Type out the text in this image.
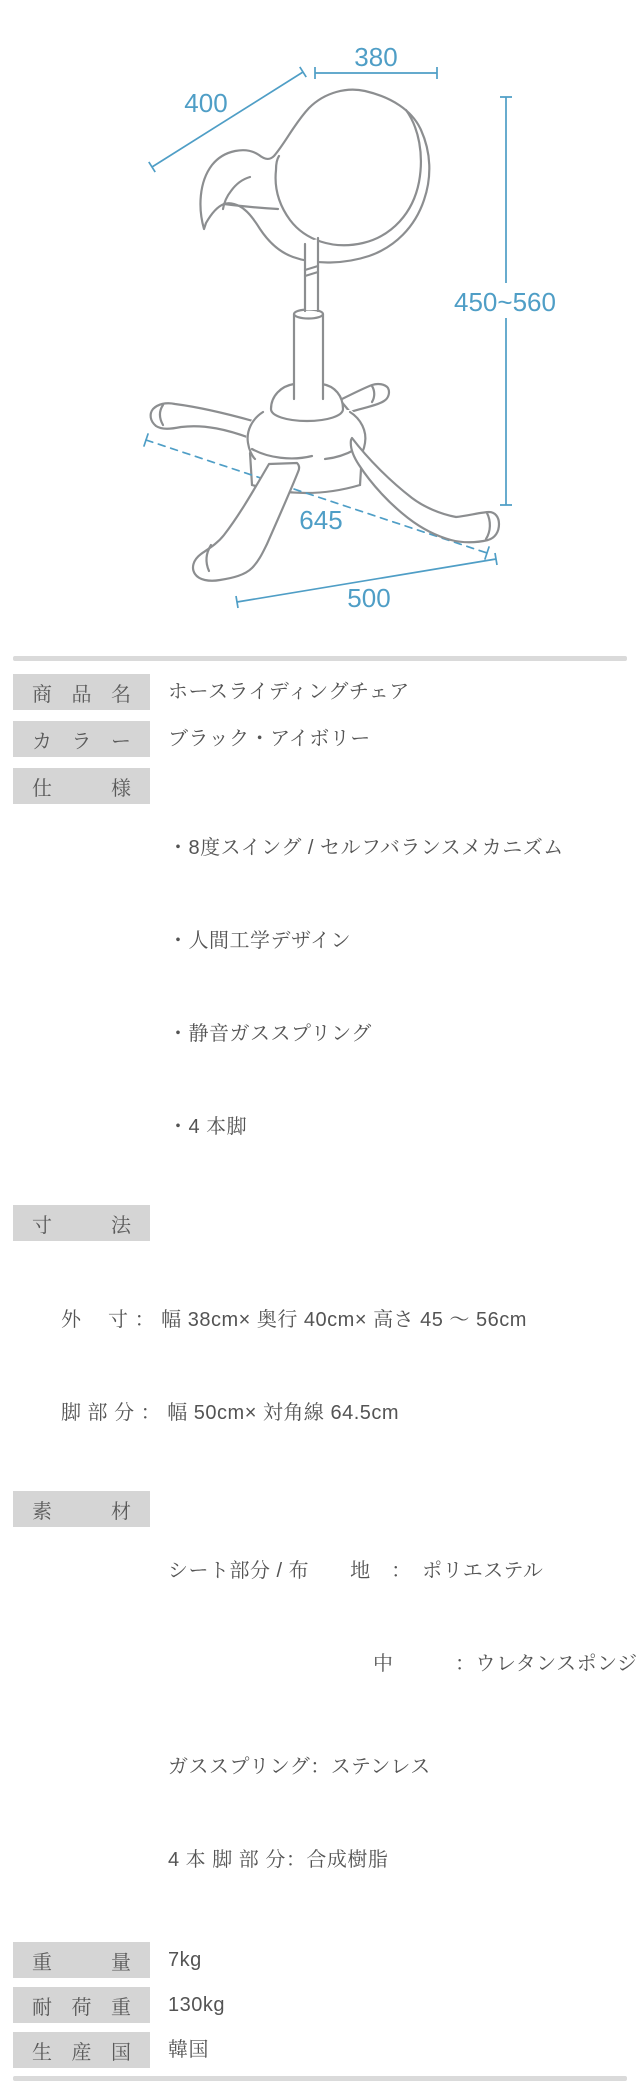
380
400
450~560
645
500
商 品 名 ホースライディングチェア
カ ラ ー ブラック・アイボリー
仕	様

・8度スイング / セルフバランスメカニズム

・人間工学デザイン

・静音ガススプリング

・4 本脚

寸	法

外　 寸 ： 幅 38cm× 奥行 40cm× 高さ 45 ～ 56cm

脚 部 分 ： 幅 50cm× 対角線 64.5cm

素	材

シート部分 / 布　　地　：　ポリエステル

　　　　　　　　　　中　　　：ウレタンスポンジ

ガススプリング：ステンレス

4 本 脚 部 分：合成樹脂

重	量 7kg
耐 荷 重 130kg
生 産 国 韓国
